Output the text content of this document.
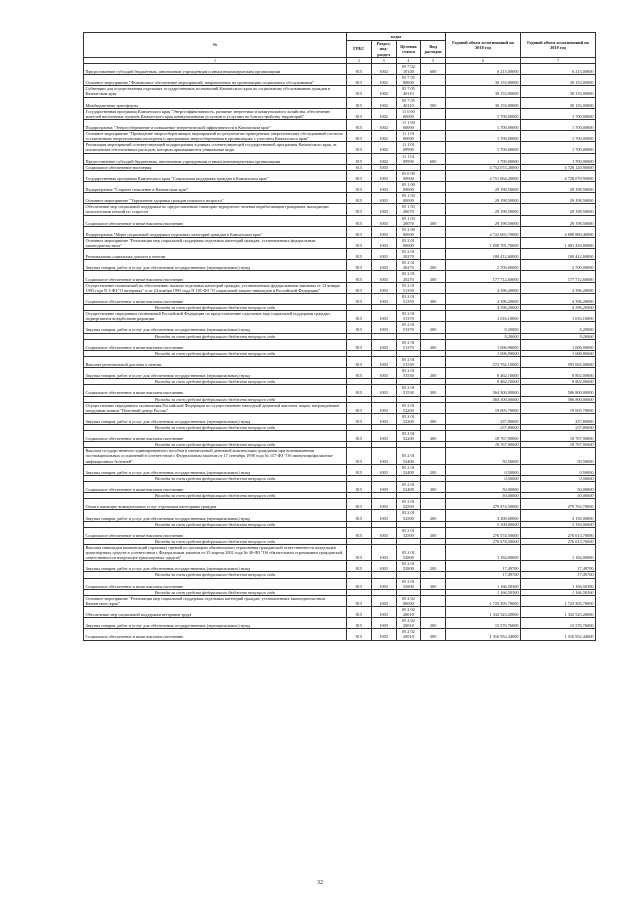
№	коды				Годовой объем ассигнований на 2018 год	Годовой объем ассигнований на 2019 год
	ГРБС	Раздел, под-раздел	Целевая статья	Вид расходов		
1	2	3	4	5	6	7
Предоставление субсидий бюджетным, автономным учреждениям и иным некоммерческим организациям	815	1002	05 7 02 10140	600	6 213,00000	6 213,00000
Основное мероприятие "Финансовое обеспечение мероприятий, направленных на организацию социального обслуживания"	815	1002	05 7 05 00000		30 153,00000	30 153,00000
Субвенции для осуществления отдельных государственных полномочий Камчатского края по социальному обслуживанию граждан в Камчатском крае	815	1002	05 7 05 40110		30 153,00000	30 153,00000
Межбюджетные трансферты	815	1002	05 7 05 40110	500	30 153,00000	30 153,00000
Государственная программа Камчатского края "Энергоэффективность, развитие энергетики и коммунального хозяйства, обеспечение жителей населенных пунктов Камчатского края коммунальными услугами и услугами по благоустройству территорий"	815	1002	11 0 00 00000		1 700,00000	1 700,00000
Подпрограмма "Энергосбережение и повышение энергетической эффективности в Камчатском крае"	815	1002	11 1 00 00000		1 700,00000	1 700,00000
Основное мероприятие "Проведение энергосберегающих мероприятий по результатам проведенных энергетических обследований согласно составленным энергетическим паспортам и программам энергосбережения в организациях с участием Камчатского края"	815	1002	11 1 01 00000		1 700,00000	1 700,00000
Реализация мероприятий соответствующей подпрограммы в рамках соответствующей государственной программы Камчатского края, за исключением обеспеченных расходов, которым присваиваются уникальные коды	815	1002	11 1 01 09990		1 700,00000	1 700,00000
Предоставление субсидий бюджетным, автономным учреждениям и иным некоммерческим организациям	815	1002	11 1 01 09990	600	1 700,00000	1 700,00000
Социальное обеспечение населения	815	1003			4 752 074,20000	4 728 120,90000
Государственная программа Камчатского края "Социальная поддержка граждан в Камчатском крае"	815	1003	05 0 00 00000		4 751 864,20000	4 728 078,90000
Подпрограмма "Старшее поколение в Камчатском крае"	815	1003	05 1 00 00000		29 198,50000	29 198,50000
Основное мероприятие "Укрепление здоровья граждан пожилого возраста"	815	1003	05 1 03 00000		29 198,50000	29 198,50000
Обеспечение мер социальной поддержки по предоставлению санаторно-курортного лечения неработающим гражданам, выходящим получателями пенсий по старости	815	1003	05 1 03 20070		29 198,50000	29 198,50000
Социальное обеспечение и иные выплаты населению	815	1003	05 1 03 20070	300	29 198,50000	29 198,50000
Подпрограмма "Меры социальной поддержки отдельных категорий граждан в Камчатском крае"	815	1003	05 2 00 00000		4 722 665,70000	4 698 880,40000
Основное мероприятие "Реализация мер социальной поддержки отдельных категорий граждан, установленных федеральным законодательством"	815	1003	05 2 01 00000		1 058 701,70000	1 081 430,80000
Региональная социальная доплата к пенсии	815	1003	05 2 01 20270		180 412,60000	180 412,60000
Закупка товаров, работ и услуг для обеспечения государственных (муниципальных) нужд	815	1003	05 2 01 20270	200	2 700,00000	2 700,00000
Социальное обеспечение и иные выплаты населению	815	1003	05 2 01 20270	300	177 712,60000	177 712,60000
Осуществление полномочий по обеспечению жильем отдельных категорий граждан, установленных федеральными законами от 12 января 1995 года N 5-ФЗ "О ветеранах" и от 24 ноября 1995 года N 181-ФЗ "О социальной защите инвалидов в Российской Федерации"	815	1003	05 2 01 51350		4 396,20000	4 396,20000
Социальное обеспечение и иные выплаты населению	815	1003	05 2 01 51350	300	4 396,20000	4 396,20000
Расходы за счет средств федерального бюджета текущего года					4 396,20000	4 396,20000
Осуществление переданных полномочий Российской Федерации по предоставлению отдельных мер социальной поддержки граждан, подвергшихся воздействию радиации	815	1003	05 2 01 51370		1 016,10000	1 016,10000
Закупка товаров, работ и услуг для обеспечения государственных (муниципальных) нужд	815	1003	05 2 01 51370	200	9,20000	9,20000
Расходы за счет средств федерального бюджета текущего года					9,20000	9,20000
Социальное обеспечение и иные выплаты населению	815	1003	05 2 01 51370	300	1 006,90000	1 006,90000
Расходы за счет средств федерального бюджета текущего года					1 006,90000	1 006,90000
Выплата региональной доплаты к пенсии	815	1003	05 2 01 51530		572 762,10000	595 602,00000
Закупка товаров, работ и услуг для обеспечения государственных (муниципальных) нужд	815	1003	05 2 01 51530	200	8 462,10000	8 802,00000
Расходы за счет средств федерального бюджета текущего года					8 462,10000	8 802,00000
Социальное обеспечение и иные выплаты населению	815	1003	05 2 01 51530	300	564 300,00000	586 800,00000
Расходы за счет средств федерального бюджета текущего года					564 300,00000	586 800,00000
Осуществление переданного полномочия Российской Федерации по осуществлению ежегодной денежной выплаты лицам, награжденным нагрудным знаком "Почетный донор России"	815	1003	05 2 01 52200		19 005,70000	19 005,70000
Закупка товаров, работ и услуг для обеспечения государственных (муниципальных) нужд	815	1003	05 2 01 52200	200	237,80000	237,80000
Расходы за счет средств федерального бюджета текущего года					237,80000	237,80000
Социальное обеспечение и иные выплаты населению	815	1003	05 2 01 52200	300	18 767,90000	18 767,90000
Расходы за счет средств федерального бюджета текущего года					18 767,90000	18 767,90000
Выплата государственного единовременного пособия и ежемесячной денежной компенсации гражданам при возникновении поствакцинальных осложнений в соответствии с Федеральным законом от 17 сентября 1998 года № 157-ФЗ "Об иммунопрофилактике инфекционных болезней"	815	1003	05 2 01 52400		50,50000	50,50000
Закупка товаров, работ и услуг для обеспечения государственных (муниципальных) нужд	815	1003	05 2 01 52400	200	0,50000	0,50000
Расходы за счет средств федерального бюджета текущего года					0,50000	0,50000
Социальное обеспечение и иные выплаты населению	815	1003	05 2 01 52400	300	50,00000	50,00000
Расходы за счет средств федерального бюджета текущего года					50,00000	50,00000
Оплата жилищно-коммунальных услуг отдельным категориям граждан	815	1003	05 2 01 52500		279 874,50000	279 763,70000
Закупка товаров, работ и услуг для обеспечения государственных (муниципальных) нужд	815	1003	05 2 01 52500	200	3 300,00000	3 150,00000
Расходы за счет средств федерального бюджета текущего года					3 300,00000	3 150,00000
Социальное обеспечение и иные выплаты населению	815	1003	05 2 01 52500	300	276 574,50000	276 613,70000
Расходы за счет средств федерального бюджета текущего года					276 574,50000	276 613,70000
Выплата инвалидам компенсаций страховых премий по договорам обязательного страхования гражданской ответственности владельцев транспортных средств в соответствии с Федеральным законом от 25 апреля 2002 года № 40-ФЗ "Об обязательном страховании гражданской ответственности владельцев транспортных средств"	815	1003	05 2 01 52800		1 184,00000	1 184,00000
Закупка товаров, работ и услуг для обеспечения государственных (муниципальных) нужд	815	1003	05 2 01 52800	200	17,49700	17,49700
Расходы за счет средств федерального бюджета текущего года					17,49700	17,49700
Социальное обеспечение и иные выплаты населению	815	1003	05 2 01 52800	300	1 166,50300	1 166,50300
Расходы за счет средств федерального бюджета текущего года					1 166,50300	1 166,50300
Основное мероприятие "Реализация мер социальной поддержки отдельных категорий граждан, установленных законодательством Камчатского края"	815	1003	05 2 02 00000		1 725 305,70000	1 725 305,70000
Обеспечение мер социальной поддержки ветеранов труда	815	1003	05 2 02 20010		1 332 523,20000	1 332 523,20000
Закупка товаров, работ и услуг для обеспечения государственных (муниципальных) нужд	815	1003	05 2 02 20010	200	15 570,76000	15 570,76000
Социальное обеспечение и иные выплаты населению	815	1003	05 2 02 20010	300	1 316 952,44000	1 316 952,44000
32
